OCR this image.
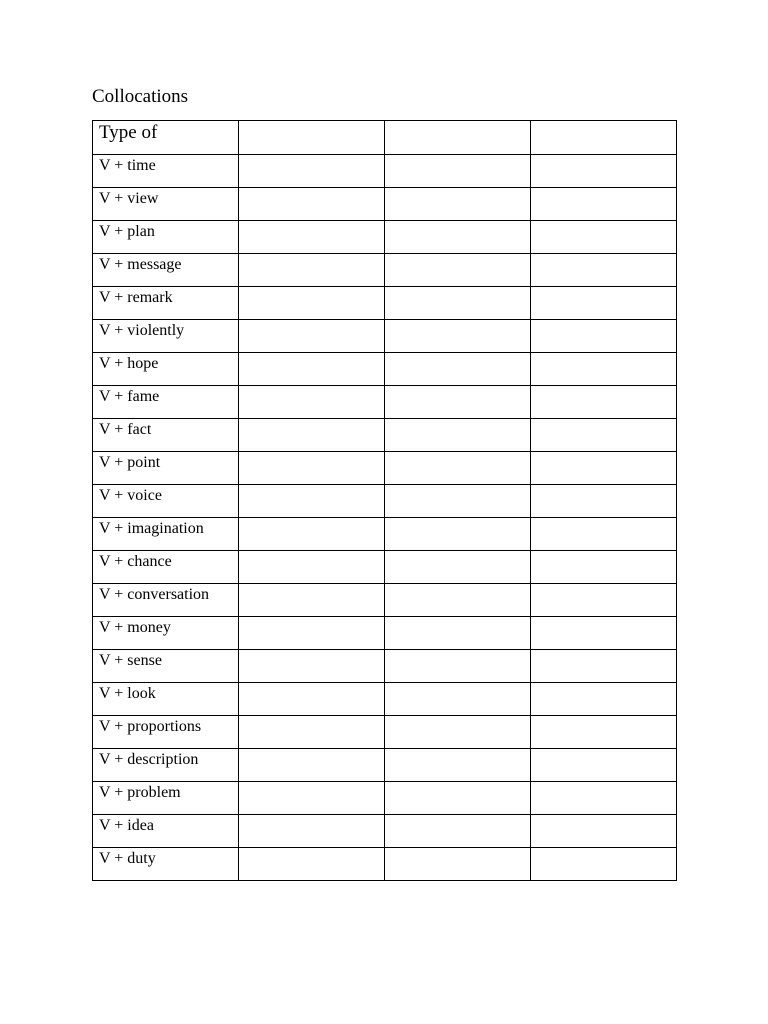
Collocations
Type of			
V + time			
V + view			
V + plan			
V + message			
V + remark			
V + violently			
V + hope			
V + fame			
V + fact			
V + point			
V + voice			
V + imagination			
V + chance			
V + conversation			
V + money			
V + sense			
V + look			
V + proportions			
V + description			
V + problem			
V + idea			
V + duty			
